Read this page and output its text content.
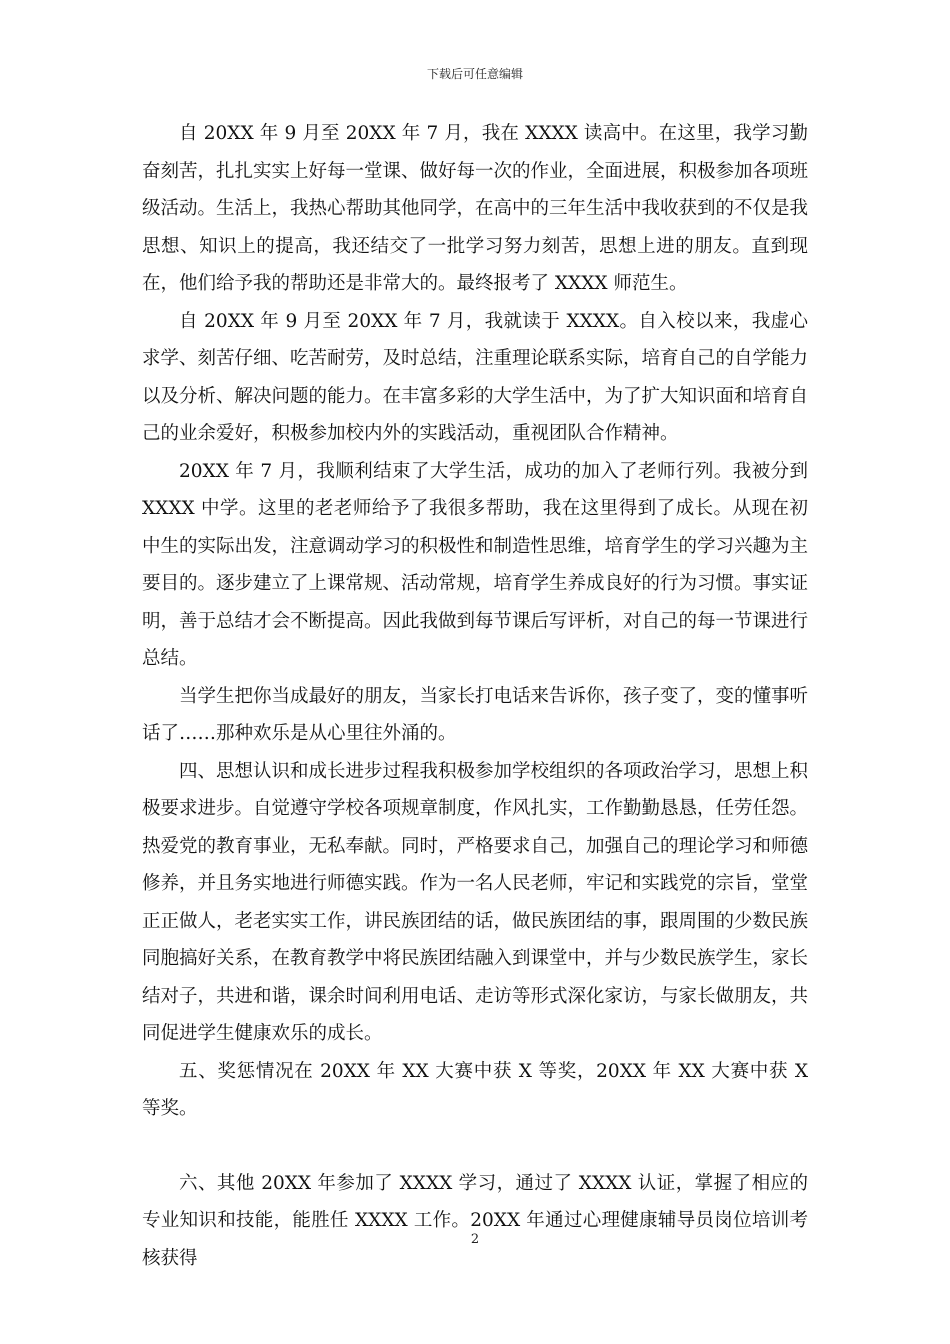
下载后可任意编辑

自 20XX 年 9 月至 20XX 年 7 月，我在 XXXX 读高中。在这里，我学习勤奋刻苦，扎扎实实上好每一堂课、做好每一次的作业，全面进展，积极参加各项班级活动。生活上，我热心帮助其他同学，在高中的三年生活中我收获到的不仅是我思想、知识上的提高，我还结交了一批学习努力刻苦，思想上进的朋友。直到现在，他们给予我的帮助还是非常大的。最终报考了 XXXX 师范生。

自 20XX 年 9 月至 20XX 年 7 月，我就读于 XXXX。自入校以来，我虚心求学、刻苦仔细、吃苦耐劳，及时总结，注重理论联系实际，培育自己的自学能力以及分析、解决问题的能力。在丰富多彩的大学生活中，为了扩大知识面和培育自己的业余爱好，积极参加校内外的实践活动，重视团队合作精神。

20XX 年 7 月，我顺利结束了大学生活，成功的加入了老师行列。我被分到 XXXX 中学。这里的老老师给予了我很多帮助，我在这里得到了成长。从现在初中生的实际出发，注意调动学习的积极性和制造性思维，培育学生的学习兴趣为主要目的。逐步建立了上课常规、活动常规，培育学生养成良好的行为习惯。事实证明，善于总结才会不断提高。因此我做到每节课后写评析，对自己的每一节课进行总结。

当学生把你当成最好的朋友，当家长打电话来告诉你，孩子变了，变的懂事听话了……那种欢乐是从心里往外涌的。

四、思想认识和成长进步过程我积极参加学校组织的各项政治学习，思想上积极要求进步。自觉遵守学校各项规章制度，作风扎实，工作勤勤恳恳，任劳任怨。热爱党的教育事业，无私奉献。同时，严格要求自己，加强自己的理论学习和师德修养，并且务实地进行师德实践。作为一名人民老师，牢记和实践党的宗旨，堂堂正正做人，老老实实工作，讲民族团结的话，做民族团结的事，跟周围的少数民族同胞搞好关系，在教育教学中将民族团结融入到课堂中，并与少数民族学生，家长结对子，共进和谐，课余时间利用电话、走访等形式深化家访，与家长做朋友，共同促进学生健康欢乐的成长。

五、奖惩情况在 20XX 年 XX 大赛中获 X 等奖，20XX 年 XX 大赛中获 X 等奖。

六、其他 20XX 年参加了 XXXX 学习，通过了 XXXX 认证，掌握了相应的专业知识和技能，能胜任 XXXX 工作。20XX 年通过心理健康辅导员岗位培训考核获得

2
